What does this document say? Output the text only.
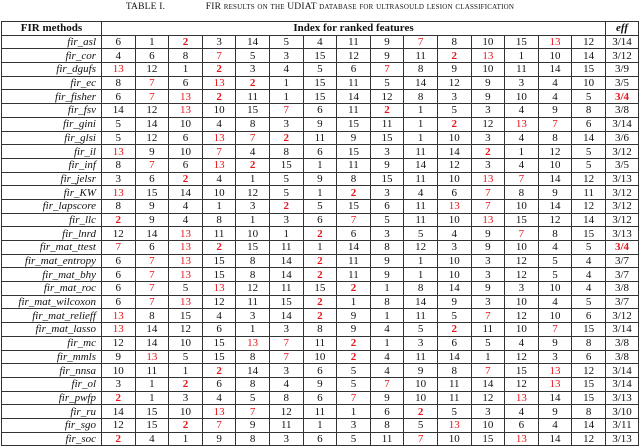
TABLE I.	FIR results on the UDIAT database for ultrasould lesion classification
FIR methods	Index for ranked features															eff
fir_asl	6	1	2	3	14	5	4	11	9	7	8	10	15	13	12	3/14
fir_cor	4	6	8	7	5	3	15	12	9	11	2	13	1	10	14	3/12
fir_dgufs	13	12	1	2	3	4	5	6	7	8	9	10	11	14	15	3/9
fir_ec	8	7	6	13	2	1	15	11	5	14	12	9	3	4	10	3/5
fir_fisher	6	7	13	2	11	1	15	14	12	8	3	9	10	4	5	3/4
fir_fsv	14	12	13	10	15	7	6	11	2	1	5	3	4	9	8	3/8
fir_gini	5	14	10	4	8	3	9	15	11	1	2	12	13	7	6	3/14
fir_glsi	5	12	6	13	7	2	11	9	15	1	10	3	4	8	14	3/6
fir_il	13	9	10	7	4	8	6	15	3	11	14	2	1	12	5	3/12
fir_inf	8	7	6	13	2	15	1	11	9	14	12	3	4	10	5	3/5
fir_jelsr	3	6	2	4	1	5	9	8	15	11	10	13	7	14	12	3/13
fir_KW	13	15	14	10	12	5	1	2	3	4	6	7	8	9	11	3/12
fir_lapscore	8	9	4	1	3	2	5	15	6	11	13	7	10	14	12	3/12
fir_llc	2	9	4	8	1	3	6	7	5	11	10	13	15	12	14	3/12
fir_lnrd	12	14	13	11	10	1	2	6	3	5	4	9	7	8	15	3/13
fir_mat_ttest	7	6	13	2	15	11	1	14	8	12	3	9	10	4	5	3/4
fir_mat_entropy	6	7	13	15	8	14	2	11	9	1	10	3	12	5	4	3/7
fir_mat_bhy	6	7	13	15	8	14	2	11	9	1	10	3	12	5	4	3/7
fir_mat_roc	6	7	5	13	12	11	15	2	1	8	14	9	3	10	4	3/8
fir_mat_wilcoxon	6	7	13	12	11	15	2	1	8	14	9	3	10	4	5	3/7
fir_mat_relieff	13	8	15	4	3	14	2	9	1	11	5	7	12	10	6	3/12
fir_mat_lasso	13	14	12	6	1	3	8	9	4	5	2	11	10	7	15	3/14
fir_mc	12	14	10	15	13	7	11	2	1	3	6	5	4	9	8	3/8
fir_mmls	9	13	5	15	8	7	10	2	4	11	14	1	12	3	6	3/8
fir_nnsa	10	11	1	2	14	3	6	5	4	9	8	7	15	13	12	3/14
fir_ol	3	1	2	6	8	4	9	5	7	10	11	14	12	13	15	3/14
fir_pwfp	2	1	3	4	5	8	6	7	9	10	11	12	13	14	15	3/13
fir_ru	14	15	10	13	7	12	11	1	6	2	5	3	4	9	8	3/10
fir_sgo	12	15	2	7	9	11	1	3	8	5	13	10	6	4	14	3/11
fir_soc	2	4	1	9	8	3	6	5	11	7	10	15	13	14	12	3/13
